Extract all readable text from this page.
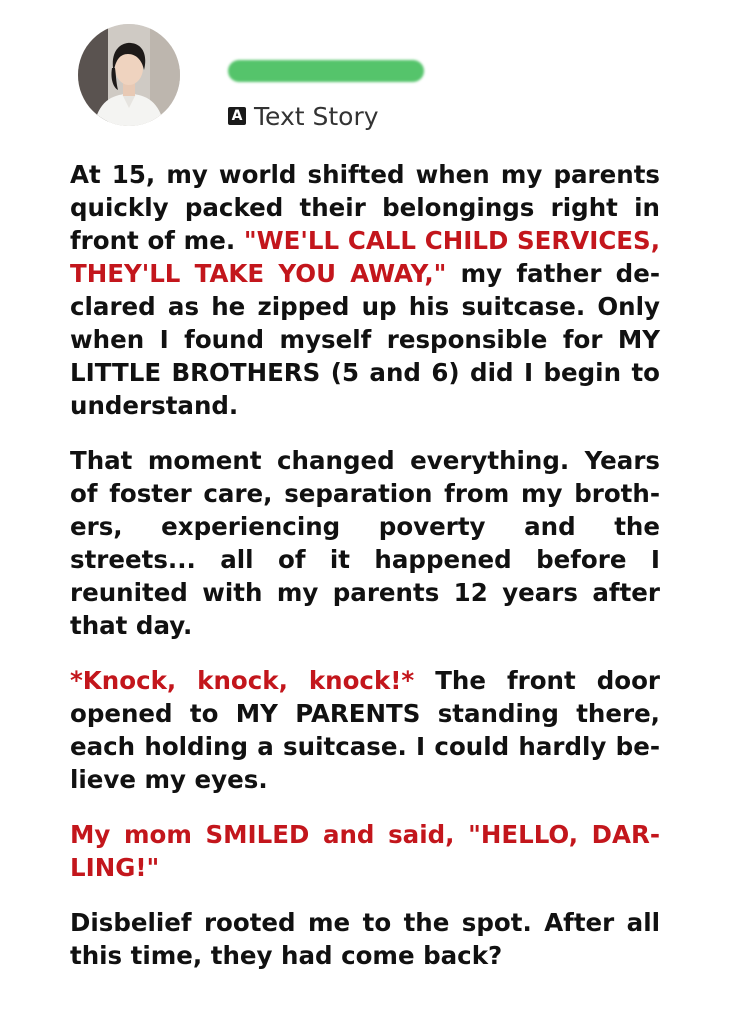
A Text Story

At 15, my world shifted when my parents quickly packed their belongings right in front of me. "WE'LL CALL CHILD SERVICES, THEY'LL TAKE YOU AWAY," my father declared as he zipped up his suitcase. Only when I found myself responsible for MY LITTLE BROTHERS (5 and 6) did I begin to understand.

That moment changed everything. Years of foster care, separation from my brothers, experiencing poverty and the streets... all of it happened before I reunited with my parents 12 years after that day.

*Knock, knock, knock!* The front door opened to MY PARENTS standing there, each holding a suitcase. I could hardly believe my eyes.

My mom SMILED and said, "HELLO, DARLING!"

Disbelief rooted me to the spot. After all this time, they had come back?
